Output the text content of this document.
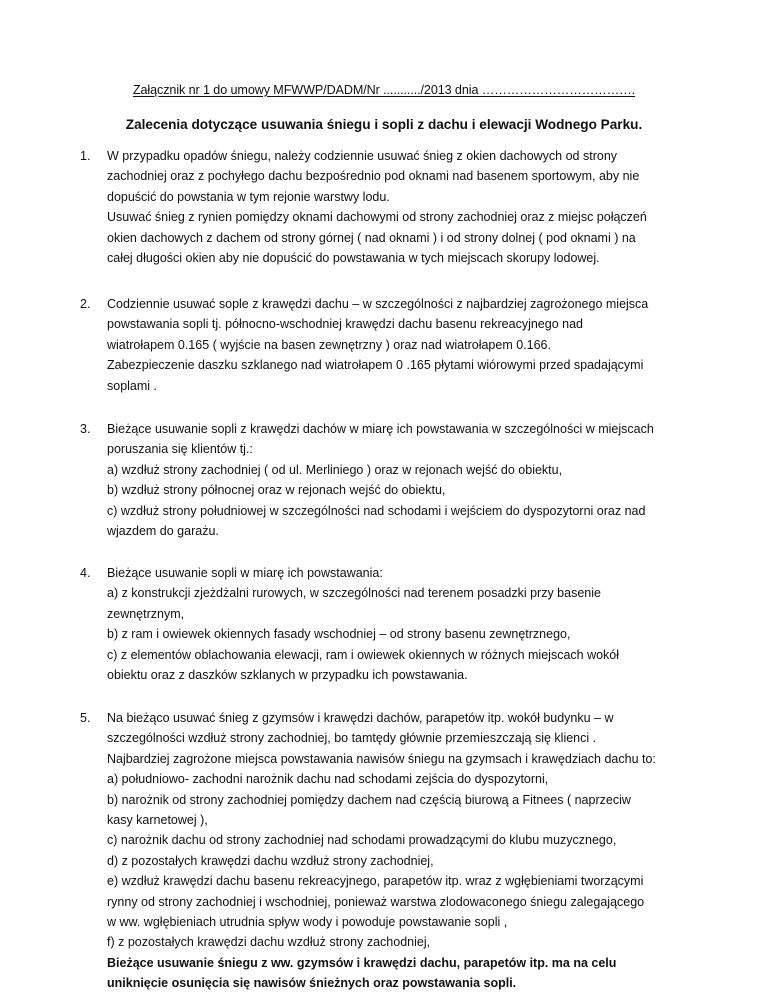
Załącznik nr 1 do umowy MFWWP/DADM/Nr .........../2013 dnia ……………………………….
Zalecenia dotyczące usuwania śniegu i sopli z dachu i elewacji Wodnego Parku.
1.	W przypadku opadów śniegu, należy codziennie usuwać śnieg z okien dachowych od strony
zachodniej oraz z pochyłego dachu bezpośrednio pod oknami nad basenem sportowym, aby nie
dopuścić do powstania w tym rejonie warstwy lodu.
Usuwać śnieg z rynien pomiędzy oknami dachowymi od strony zachodniej oraz z miejsc połączeń
okien dachowych z dachem od strony górnej ( nad oknami ) i od strony dolnej ( pod oknami ) na
całej długości okien aby nie dopuścić do powstawania w tych miejscach skorupy lodowej.
2.	Codziennie usuwać sople z krawędzi dachu – w szczególności z najbardziej zagrożonego miejsca
powstawania sopli tj. północno-wschodniej krawędzi dachu basenu rekreacyjnego nad
wiatrołapem 0.165 ( wyjście na basen zewnętrzny ) oraz nad wiatrołapem 0.166.
Zabezpieczenie daszku szklanego nad wiatrołapem 0 .165 płytami wiórowymi przed spadającymi
soplami .
3.	Bieżące usuwanie sopli z krawędzi dachów w miarę ich powstawania w szczególności w miejscach
poruszania się klientów tj.:
a) wzdłuż strony zachodniej ( od ul. Merliniego ) oraz w rejonach wejść do obiektu,
b) wzdłuż strony północnej oraz w rejonach wejść do obiektu,
c) wzdłuż strony południowej w szczególności nad schodami i wejściem do dyspozytorni oraz nad
wjazdem do garażu.
4.	Bieżące usuwanie sopli w miarę ich powstawania:
a) z konstrukcji zjeżdżalni rurowych, w szczególności nad terenem posadzki przy basenie
zewnętrznym,
b) z ram i owiewek okiennych fasady wschodniej – od strony basenu zewnętrznego,
c) z elementów oblachowania elewacji, ram i owiewek okiennych w różnych miejscach wokół
obiektu oraz z daszków szklanych w przypadku ich powstawania.
5.	Na bieżąco usuwać śnieg z gzymsów i krawędzi dachów, parapetów itp. wokół budynku – w
szczególności wzdłuż strony zachodniej, bo tamtędy głównie przemieszczają się klienci .
Najbardziej zagrożone miejsca powstawania nawisów śniegu na gzymsach i krawędziach dachu to:
a) południowo- zachodni narożnik dachu nad schodami zejścia do dyspozytorni,
b) narożnik od strony zachodniej pomiędzy dachem nad częścią biurową a Fitnees ( naprzeciw
kasy karnetowej ),
c) narożnik dachu od strony zachodniej nad schodami prowadzącymi do klubu muzycznego,
d) z pozostałych krawędzi dachu wzdłuż strony zachodniej,
e) wzdłuż krawędzi dachu basenu rekreacyjnego, parapetów itp. wraz z wgłębieniami tworzącymi
rynny od strony zachodniej i wschodniej, ponieważ warstwa zlodowaconego śniegu zalegającego
w ww. wgłębieniach utrudnia spływ wody i powoduje powstawanie sopli ,
f) z pozostałych krawędzi dachu wzdłuż strony zachodniej,
Bieżące usuwanie śniegu z ww. gzymsów i krawędzi dachu, parapetów itp. ma na celu
uniknięcie osunięcia się nawisów śnieżnych oraz powstawania sopli.
